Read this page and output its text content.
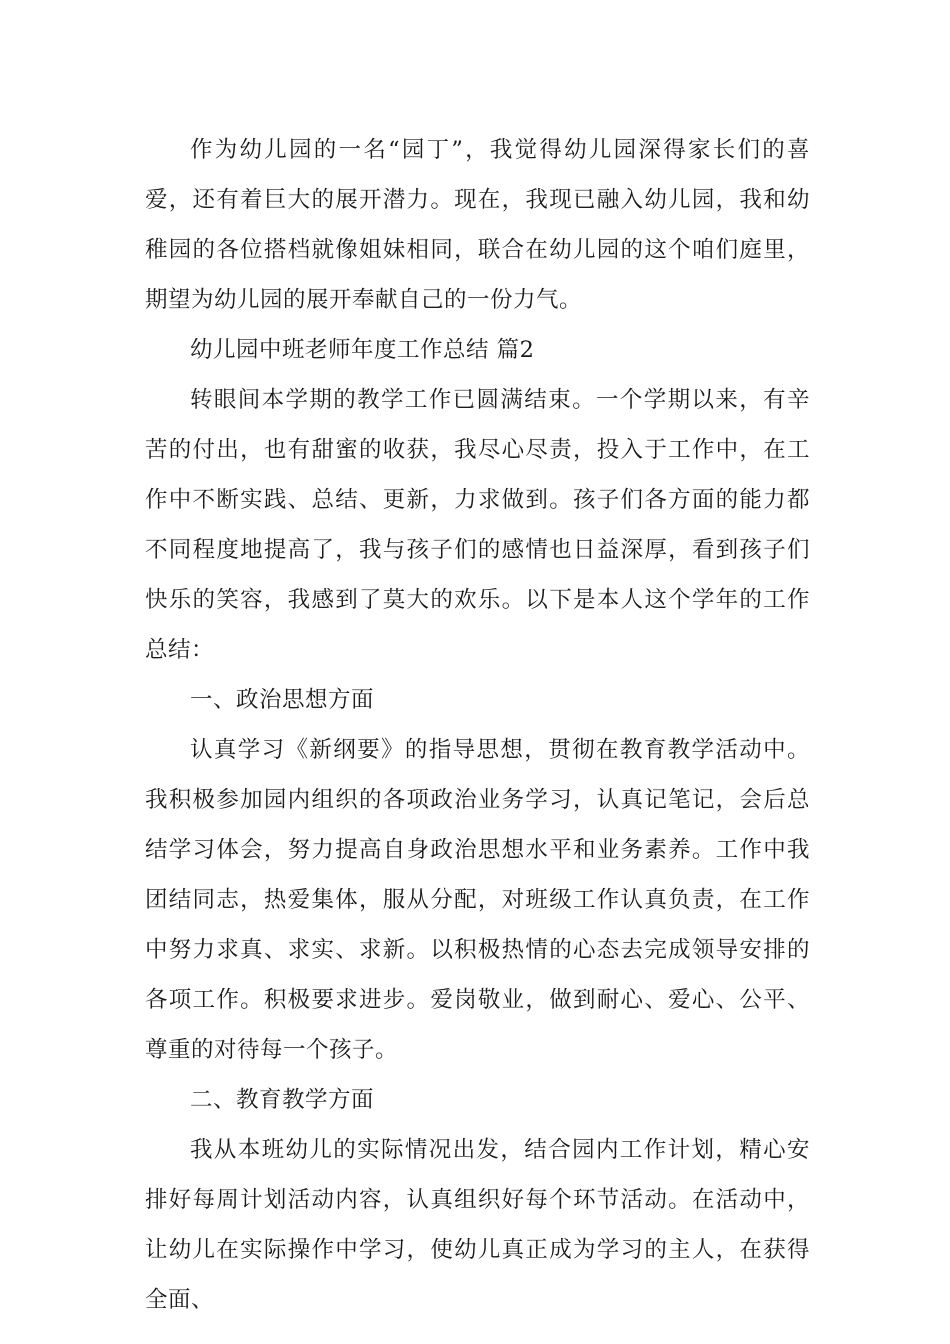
作为幼儿园的一名“园丁”，我觉得幼儿园深得家长们的喜爱，还有着巨大的展开潜力。现在，我现已融入幼儿园，我和幼稚园的各位搭档就像姐妹相同，联合在幼儿园的这个咱们庭里，期望为幼儿园的展开奉献自己的一份力气。

幼儿园中班老师年度工作总结 篇2

转眼间本学期的教学工作已圆满结束。一个学期以来，有辛苦的付出，也有甜蜜的收获，我尽心尽责，投入于工作中，在工作中不断实践、总结、更新，力求做到。孩子们各方面的能力都不同程度地提高了，我与孩子们的感情也日益深厚，看到孩子们快乐的笑容，我感到了莫大的欢乐。以下是本人这个学年的工作总结：

一、政治思想方面

认真学习《新纲要》的指导思想，贯彻在教育教学活动中。我积极参加园内组织的各项政治业务学习，认真记笔记，会后总结学习体会，努力提高自身政治思想水平和业务素养。工作中我团结同志，热爱集体，服从分配，对班级工作认真负责，在工作中努力求真、求实、求新。以积极热情的心态去完成领导安排的各项工作。积极要求进步。爱岗敬业，做到耐心、爱心、公平、尊重的对待每一个孩子。

二、教育教学方面

我从本班幼儿的实际情况出发，结合园内工作计划，精心安排好每周计划活动内容，认真组织好每个环节活动。在活动中，让幼儿在实际操作中学习，使幼儿真正成为学习的主人，在获得全面、
